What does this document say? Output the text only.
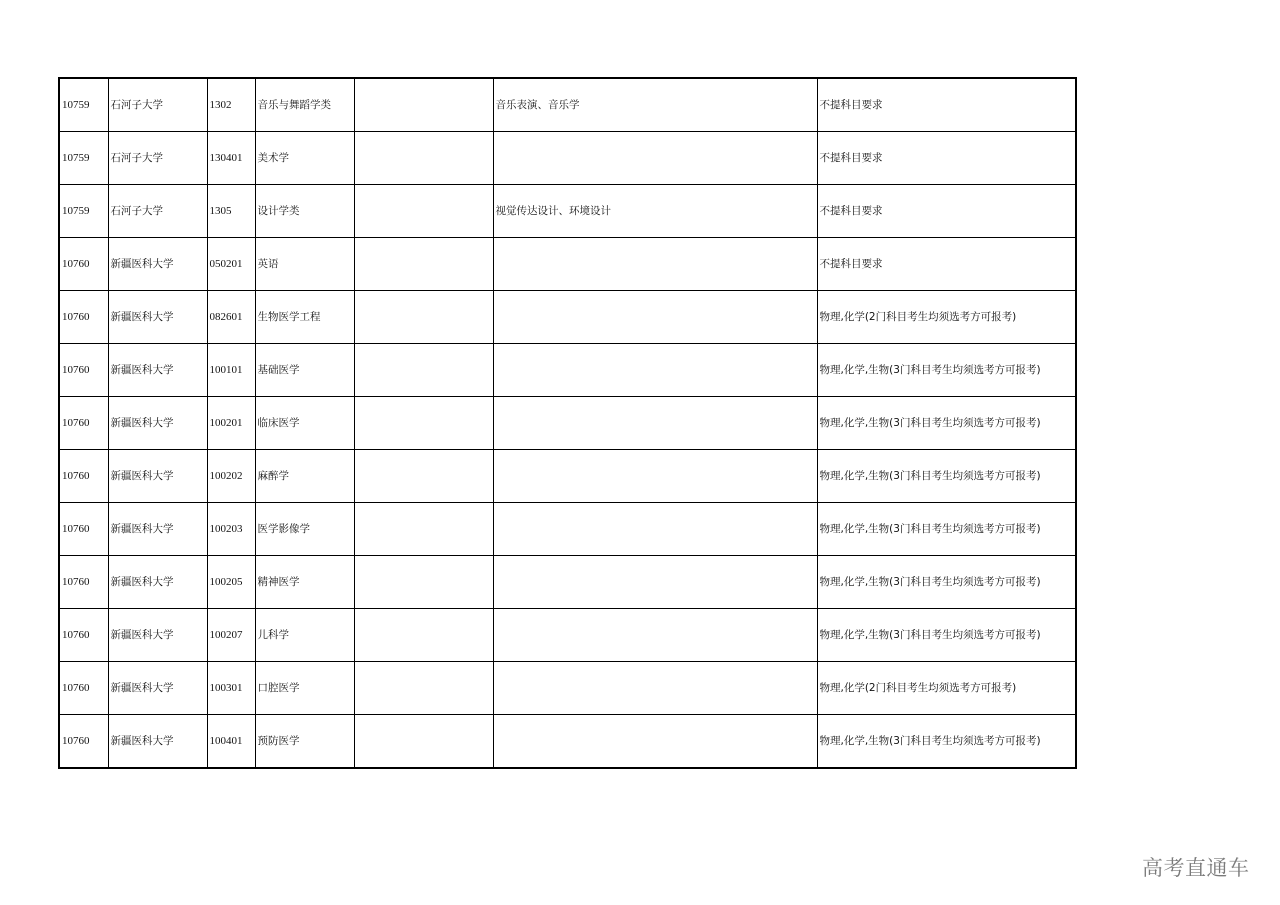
10759	石河子大学	1302	音乐与舞蹈学类		音乐表演、音乐学	不提科目要求
10759	石河子大学	130401	美术学			不提科目要求
10759	石河子大学	1305	设计学类		视觉传达设计、环境设计	不提科目要求
10760	新疆医科大学	050201	英语			不提科目要求
10760	新疆医科大学	082601	生物医学工程			物理,化学(2门科目考生均须选考方可报考)
10760	新疆医科大学	100101	基础医学			物理,化学,生物(3门科目考生均须选考方可报考)
10760	新疆医科大学	100201	临床医学			物理,化学,生物(3门科目考生均须选考方可报考)
10760	新疆医科大学	100202	麻醉学			物理,化学,生物(3门科目考生均须选考方可报考)
10760	新疆医科大学	100203	医学影像学			物理,化学,生物(3门科目考生均须选考方可报考)
10760	新疆医科大学	100205	精神医学			物理,化学,生物(3门科目考生均须选考方可报考)
10760	新疆医科大学	100207	儿科学			物理,化学,生物(3门科目考生均须选考方可报考)
10760	新疆医科大学	100301	口腔医学			物理,化学(2门科目考生均须选考方可报考)
10760	新疆医科大学	100401	预防医学			物理,化学,生物(3门科目考生均须选考方可报考)
高考直通车
